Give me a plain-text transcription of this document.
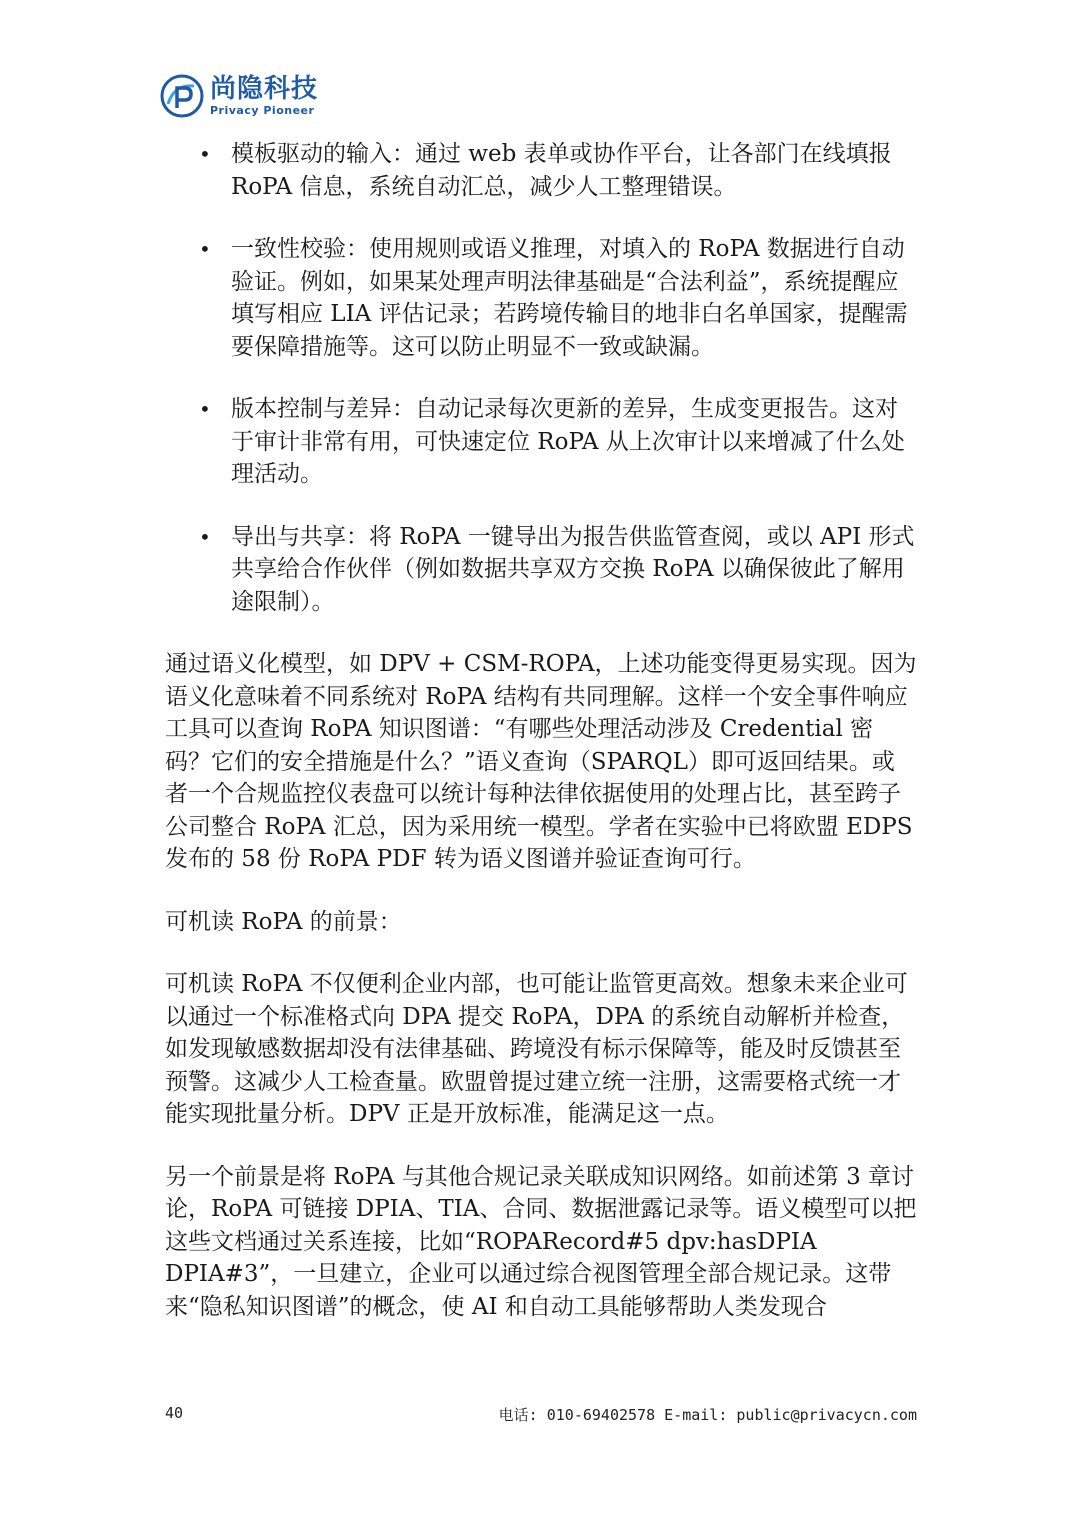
尚隐科技
Privacy Pioneer
• 模板驱动的输入：通过 web 表单或协作平台，让各部门在线填报 RoPA 信息，系统自动汇总，减少人工整理错误。
• 一致性校验：使用规则或语义推理，对填入的 RoPA 数据进行自动验证。例如，如果某处理声明法律基础是“合法利益”，系统提醒应填写相应 LIA 评估记录；若跨境传输目的地非白名单国家，提醒需要保障措施等。这可以防止明显不一致或缺漏。
• 版本控制与差异：自动记录每次更新的差异，生成变更报告。这对于审计非常有用，可快速定位 RoPA 从上次审计以来增减了什么处理活动。
• 导出与共享：将 RoPA 一键导出为报告供监管查阅，或以 API 形式共享给合作伙伴（例如数据共享双方交换 RoPA 以确保彼此了解用途限制）。

通过语义化模型，如 DPV + CSM-ROPA，上述功能变得更易实现。因为语义化意味着不同系统对 RoPA 结构有共同理解。这样一个安全事件响应工具可以查询 RoPA 知识图谱：“有哪些处理活动涉及 Credential 密码？它们的安全措施是什么？”语义查询（SPARQL）即可返回结果。或者一个合规监控仪表盘可以统计每种法律依据使用的处理占比，甚至跨子公司整合 RoPA 汇总，因为采用统一模型。学者在实验中已将欧盟 EDPS 发布的 58 份 RoPA PDF 转为语义图谱并验证查询可行。

可机读 RoPA 的前景：

可机读 RoPA 不仅便利企业内部，也可能让监管更高效。想象未来企业可以通过一个标准格式向 DPA 提交 RoPA，DPA 的系统自动解析并检查，如发现敏感数据却没有法律基础、跨境没有标示保障等，能及时反馈甚至预警。这减少人工检查量。欧盟曾提过建立统一注册，这需要格式统一才能实现批量分析。DPV 正是开放标准，能满足这一点。

另一个前景是将 RoPA 与其他合规记录关联成知识网络。如前述第 3 章讨论，RoPA 可链接 DPIA、TIA、合同、数据泄露记录等。语义模型可以把这些文档通过关系连接，比如“ROPARecord#5 dpv:hasDPIA DPIA#3”，一旦建立，企业可以通过综合视图管理全部合规记录。这带来“隐私知识图谱”的概念，使 AI 和自动工具能够帮助人类发现合

40	电话: 010-69402578 E-mail: public@privacycn.com
